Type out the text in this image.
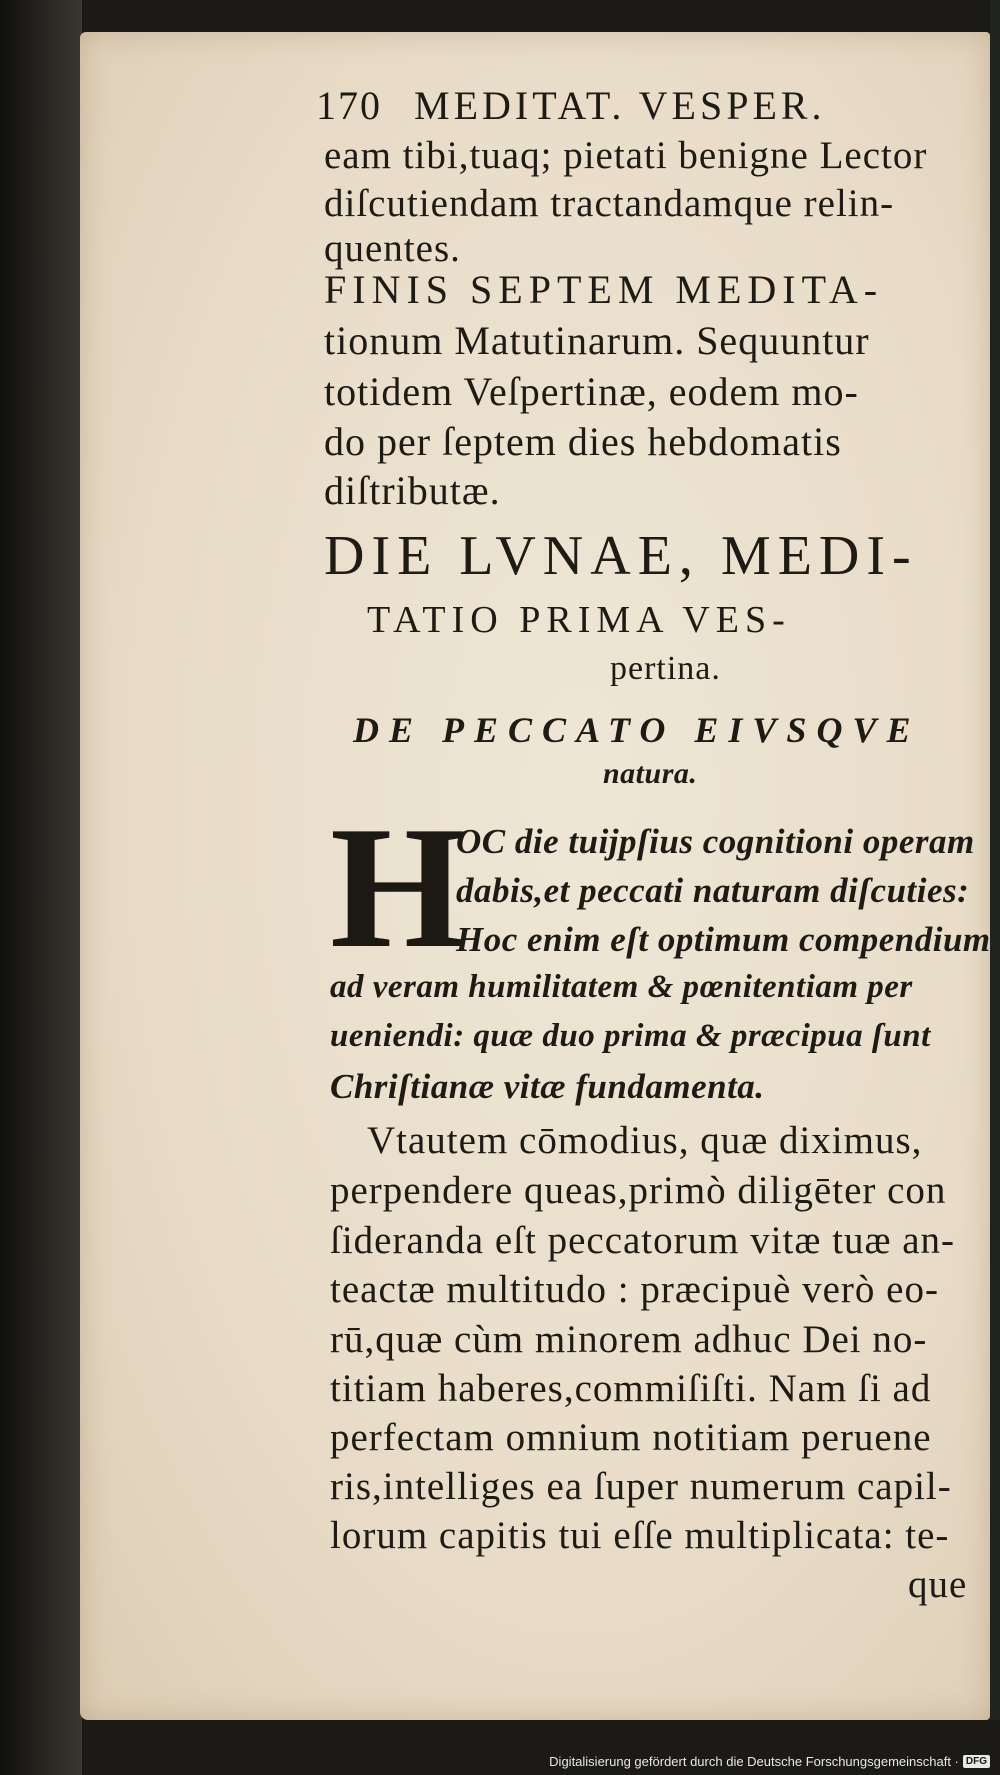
170 MEDITAT. VESPER.
eam tibi,tuaq; pietati benigne Lector
diſcutiendam tractandamque relin-
quentes.
FINIS SEPTEM MEDITA-
tionum Matutinarum. Sequuntur
totidem Veſpertinæ, eodem mo-
do per ſeptem dies hebdomatis
diſtributæ.
DIE LVNAE, MEDI-
TATIO PRIMA VES-
pertina.
DE PECCATO EIVSQVE
natura.
H
OC die tuijpſius cognitioni operam
dabis,et peccati naturam diſcuties:
Hoc enim eſt optimum compendium
ad veram humilitatem & pœnitentiam per
ueniendi: quæ duo prima & præcipua ſunt
Chriſtianæ vitæ fundamenta.
Vtautem cōmodius, quæ diximus,
perpendere queas,primò diligēter con
ſideranda eſt peccatorum vitæ tuæ an-
teactæ multitudo : præcipuè verò eo-
rū,quæ cùm minorem adhuc Dei no-
titiam haberes,commiſiſti. Nam ſi ad
perfectam omnium notitiam peruene
ris,intelliges ea ſuper numerum capil-
lorum capitis tui eſſe multiplicata: te-
que
Digitalisierung gefördert durch die Deutsche Forschungsgemeinschaft · DFG
